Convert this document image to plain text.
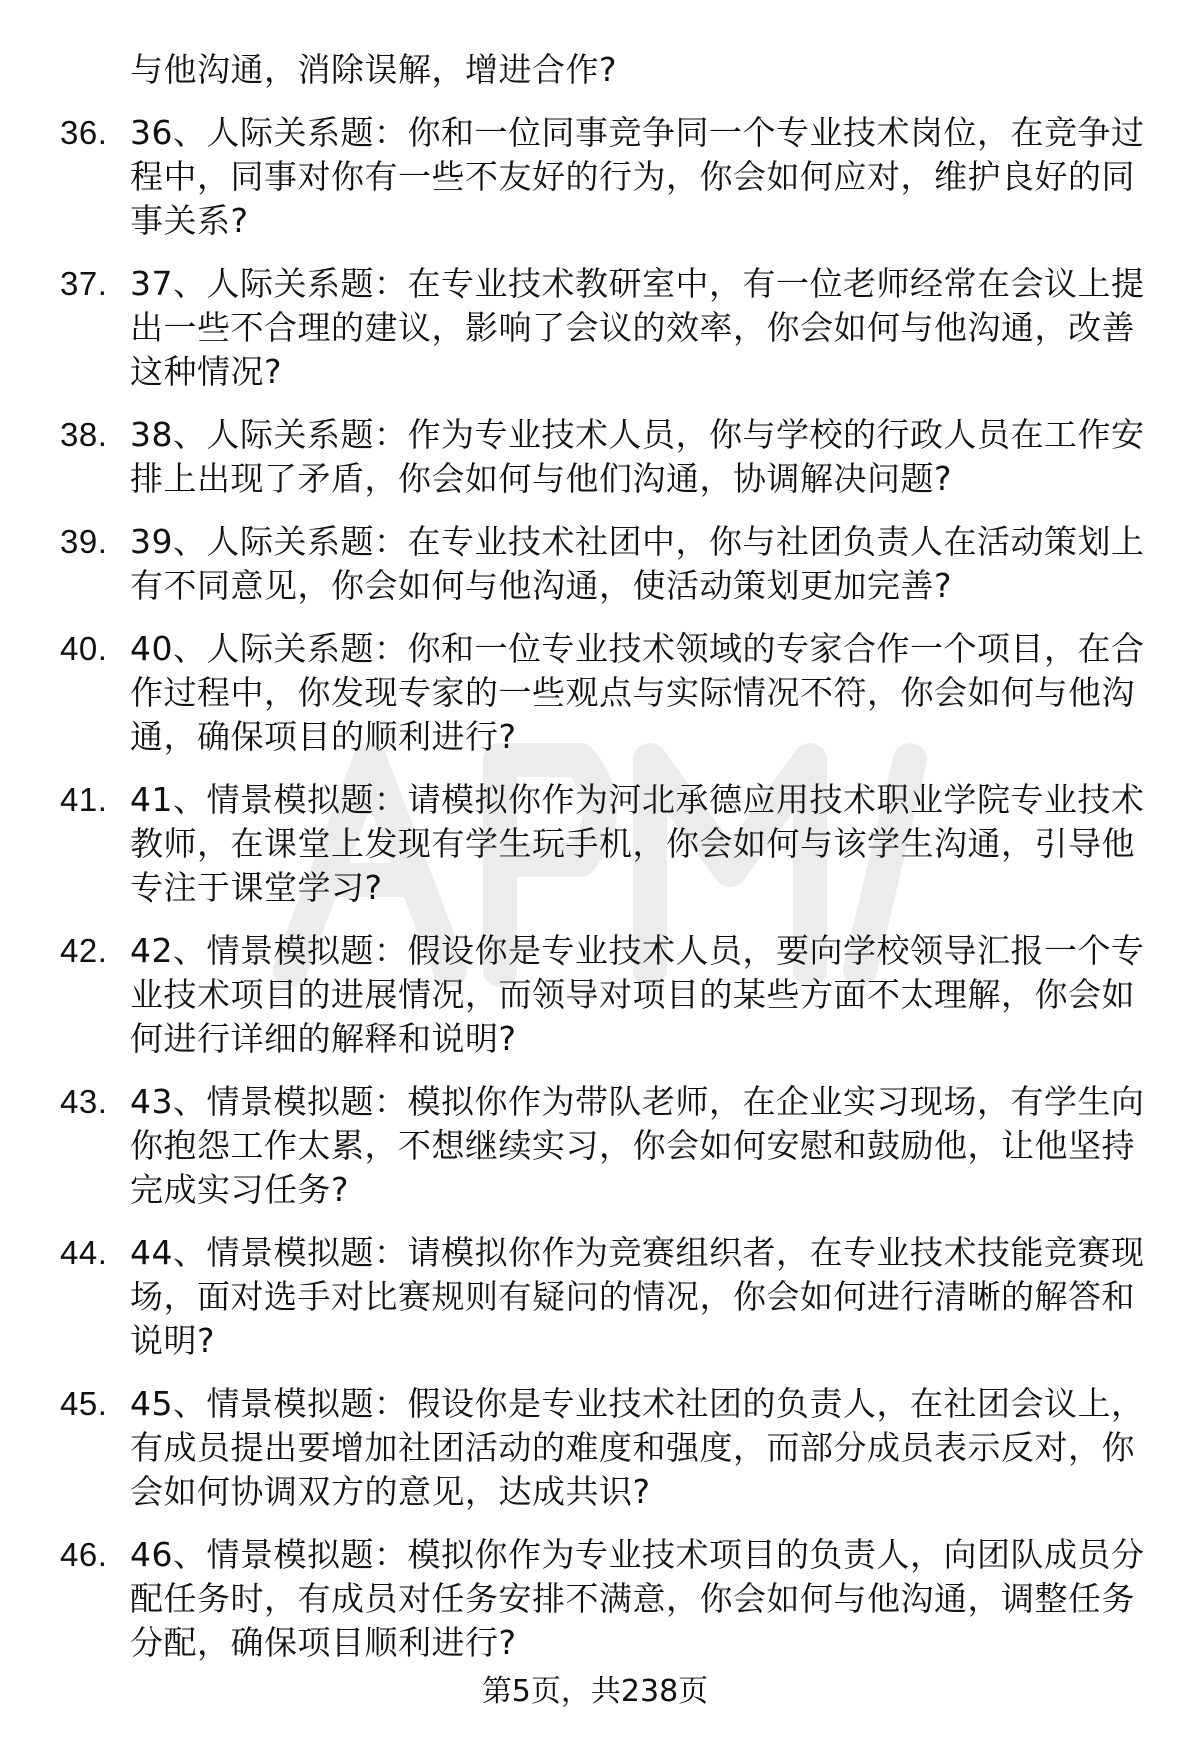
与他沟通，消除误解，增进合作?

36. 36、人际关系题：你和一位同事竞争同一个专业技术岗位，在竞争过程中，同事对你有一些不友好的行为，你会如何应对，维护良好的同事关系?
37. 37、人际关系题：在专业技术教研室中，有一位老师经常在会议上提出一些不合理的建议，影响了会议的效率，你会如何与他沟通，改善这种情况?
38. 38、人际关系题：作为专业技术人员，你与学校的行政人员在工作安排上出现了矛盾，你会如何与他们沟通，协调解决问题?
39. 39、人际关系题：在专业技术社团中，你与社团负责人在活动策划上有不同意见，你会如何与他沟通，使活动策划更加完善?
40. 40、人际关系题：你和一位专业技术领域的专家合作一个项目，在合作过程中，你发现专家的一些观点与实际情况不符，你会如何与他沟通，确保项目的顺利进行?
41. 41、情景模拟题：请模拟你作为河北承德应用技术职业学院专业技术教师，在课堂上发现有学生玩手机，你会如何与该学生沟通，引导他专注于课堂学习?
42. 42、情景模拟题：假设你是专业技术人员，要向学校领导汇报一个专业技术项目的进展情况，而领导对项目的某些方面不太理解，你会如何进行详细的解释和说明?
43. 43、情景模拟题：模拟你作为带队老师，在企业实习现场，有学生向你抱怨工作太累，不想继续实习，你会如何安慰和鼓励他，让他坚持完成实习任务?
44. 44、情景模拟题：请模拟你作为竞赛组织者，在专业技术技能竞赛现场，面对选手对比赛规则有疑问的情况，你会如何进行清晰的解答和说明?
45. 45、情景模拟题：假设你是专业技术社团的负责人，在社团会议上，有成员提出要增加社团活动的难度和强度，而部分成员表示反对，你会如何协调双方的意见，达成共识?
46. 46、情景模拟题：模拟你作为专业技术项目的负责人，向团队成员分配任务时，有成员对任务安排不满意，你会如何与他沟通，调整任务分配，确保项目顺利进行?
第5页，共238页
